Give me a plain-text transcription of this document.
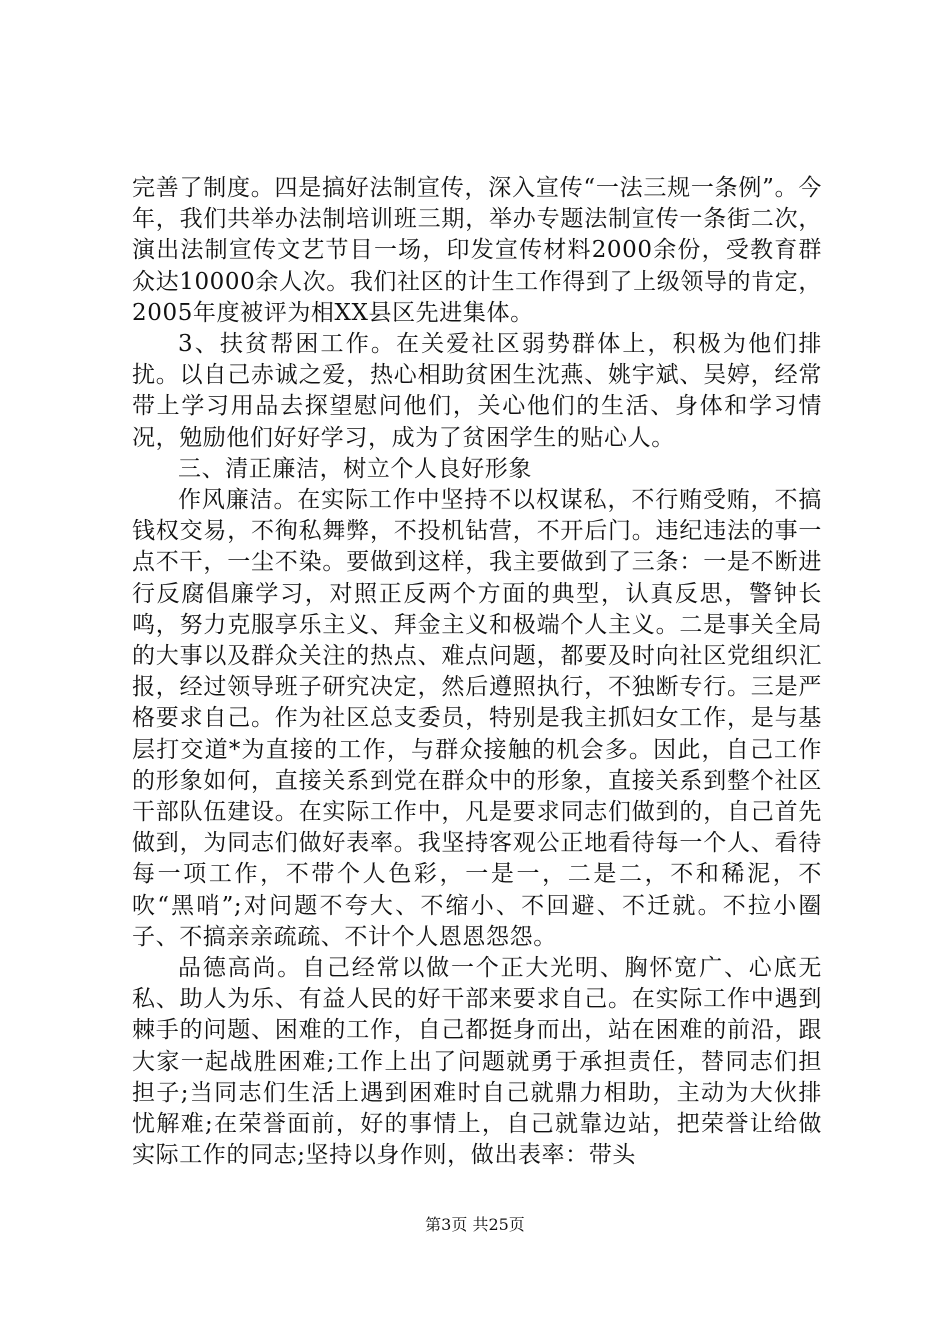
完善了制度。四是搞好法制宣传，深入宣传“一法三规一条例”。今年，我们共举办法制培训班三期，举办专题法制宣传一条街二次，演出法制宣传文艺节目一场，印发宣传材料2000余份，受教育群众达10000余人次。我们社区的计生工作得到了上级领导的肯定，2005年度被评为相XX县区先进集体。

3、扶贫帮困工作。在关爱社区弱势群体上，积极为他们排扰。以自己赤诚之爱，热心相助贫困生沈燕、姚宇斌、吴婷，经常带上学习用品去探望慰问他们，关心他们的生活、身体和学习情况，勉励他们好好学习，成为了贫困学生的贴心人。

三、清正廉洁，树立个人良好形象

作风廉洁。在实际工作中坚持不以权谋私，不行贿受贿，不搞钱权交易，不徇私舞弊，不投机钻营，不开后门。违纪违法的事一点不干，一尘不染。要做到这样，我主要做到了三条：一是不断进行反腐倡廉学习，对照正反两个方面的典型，认真反思，警钟长鸣，努力克服享乐主义、拜金主义和极端个人主义。二是事关全局的大事以及群众关注的热点、难点问题，都要及时向社区党组织汇报，经过领导班子研究决定，然后遵照执行，不独断专行。三是严格要求自己。作为社区总支委员，特别是我主抓妇女工作，是与基层打交道*为直接的工作，与群众接触的机会多。因此，自己工作的形象如何，直接关系到党在群众中的形象，直接关系到整个社区干部队伍建设。在实际工作中，凡是要求同志们做到的，自己首先做到，为同志们做好表率。我坚持客观公正地看待每一个人、看待每一项工作，不带个人色彩，一是一，二是二，不和稀泥，不吹“黑哨”;对问题不夸大、不缩小、不回避、不迁就。不拉小圈子、不搞亲亲疏疏、不计个人恩恩怨怨。

品德高尚。自己经常以做一个正大光明、胸怀宽广、心底无私、助人为乐、有益人民的好干部来要求自己。在实际工作中遇到棘手的问题、困难的工作，自己都挺身而出，站在困难的前沿，跟大家一起战胜困难;工作上出了问题就勇于承担责任，替同志们担担子;当同志们生活上遇到困难时自己就鼎力相助，主动为大伙排忧解难;在荣誉面前，好的事情上，自己就靠边站，把荣誉让给做实际工作的同志;坚持以身作则，做出表率：带头

第3页 共25页
